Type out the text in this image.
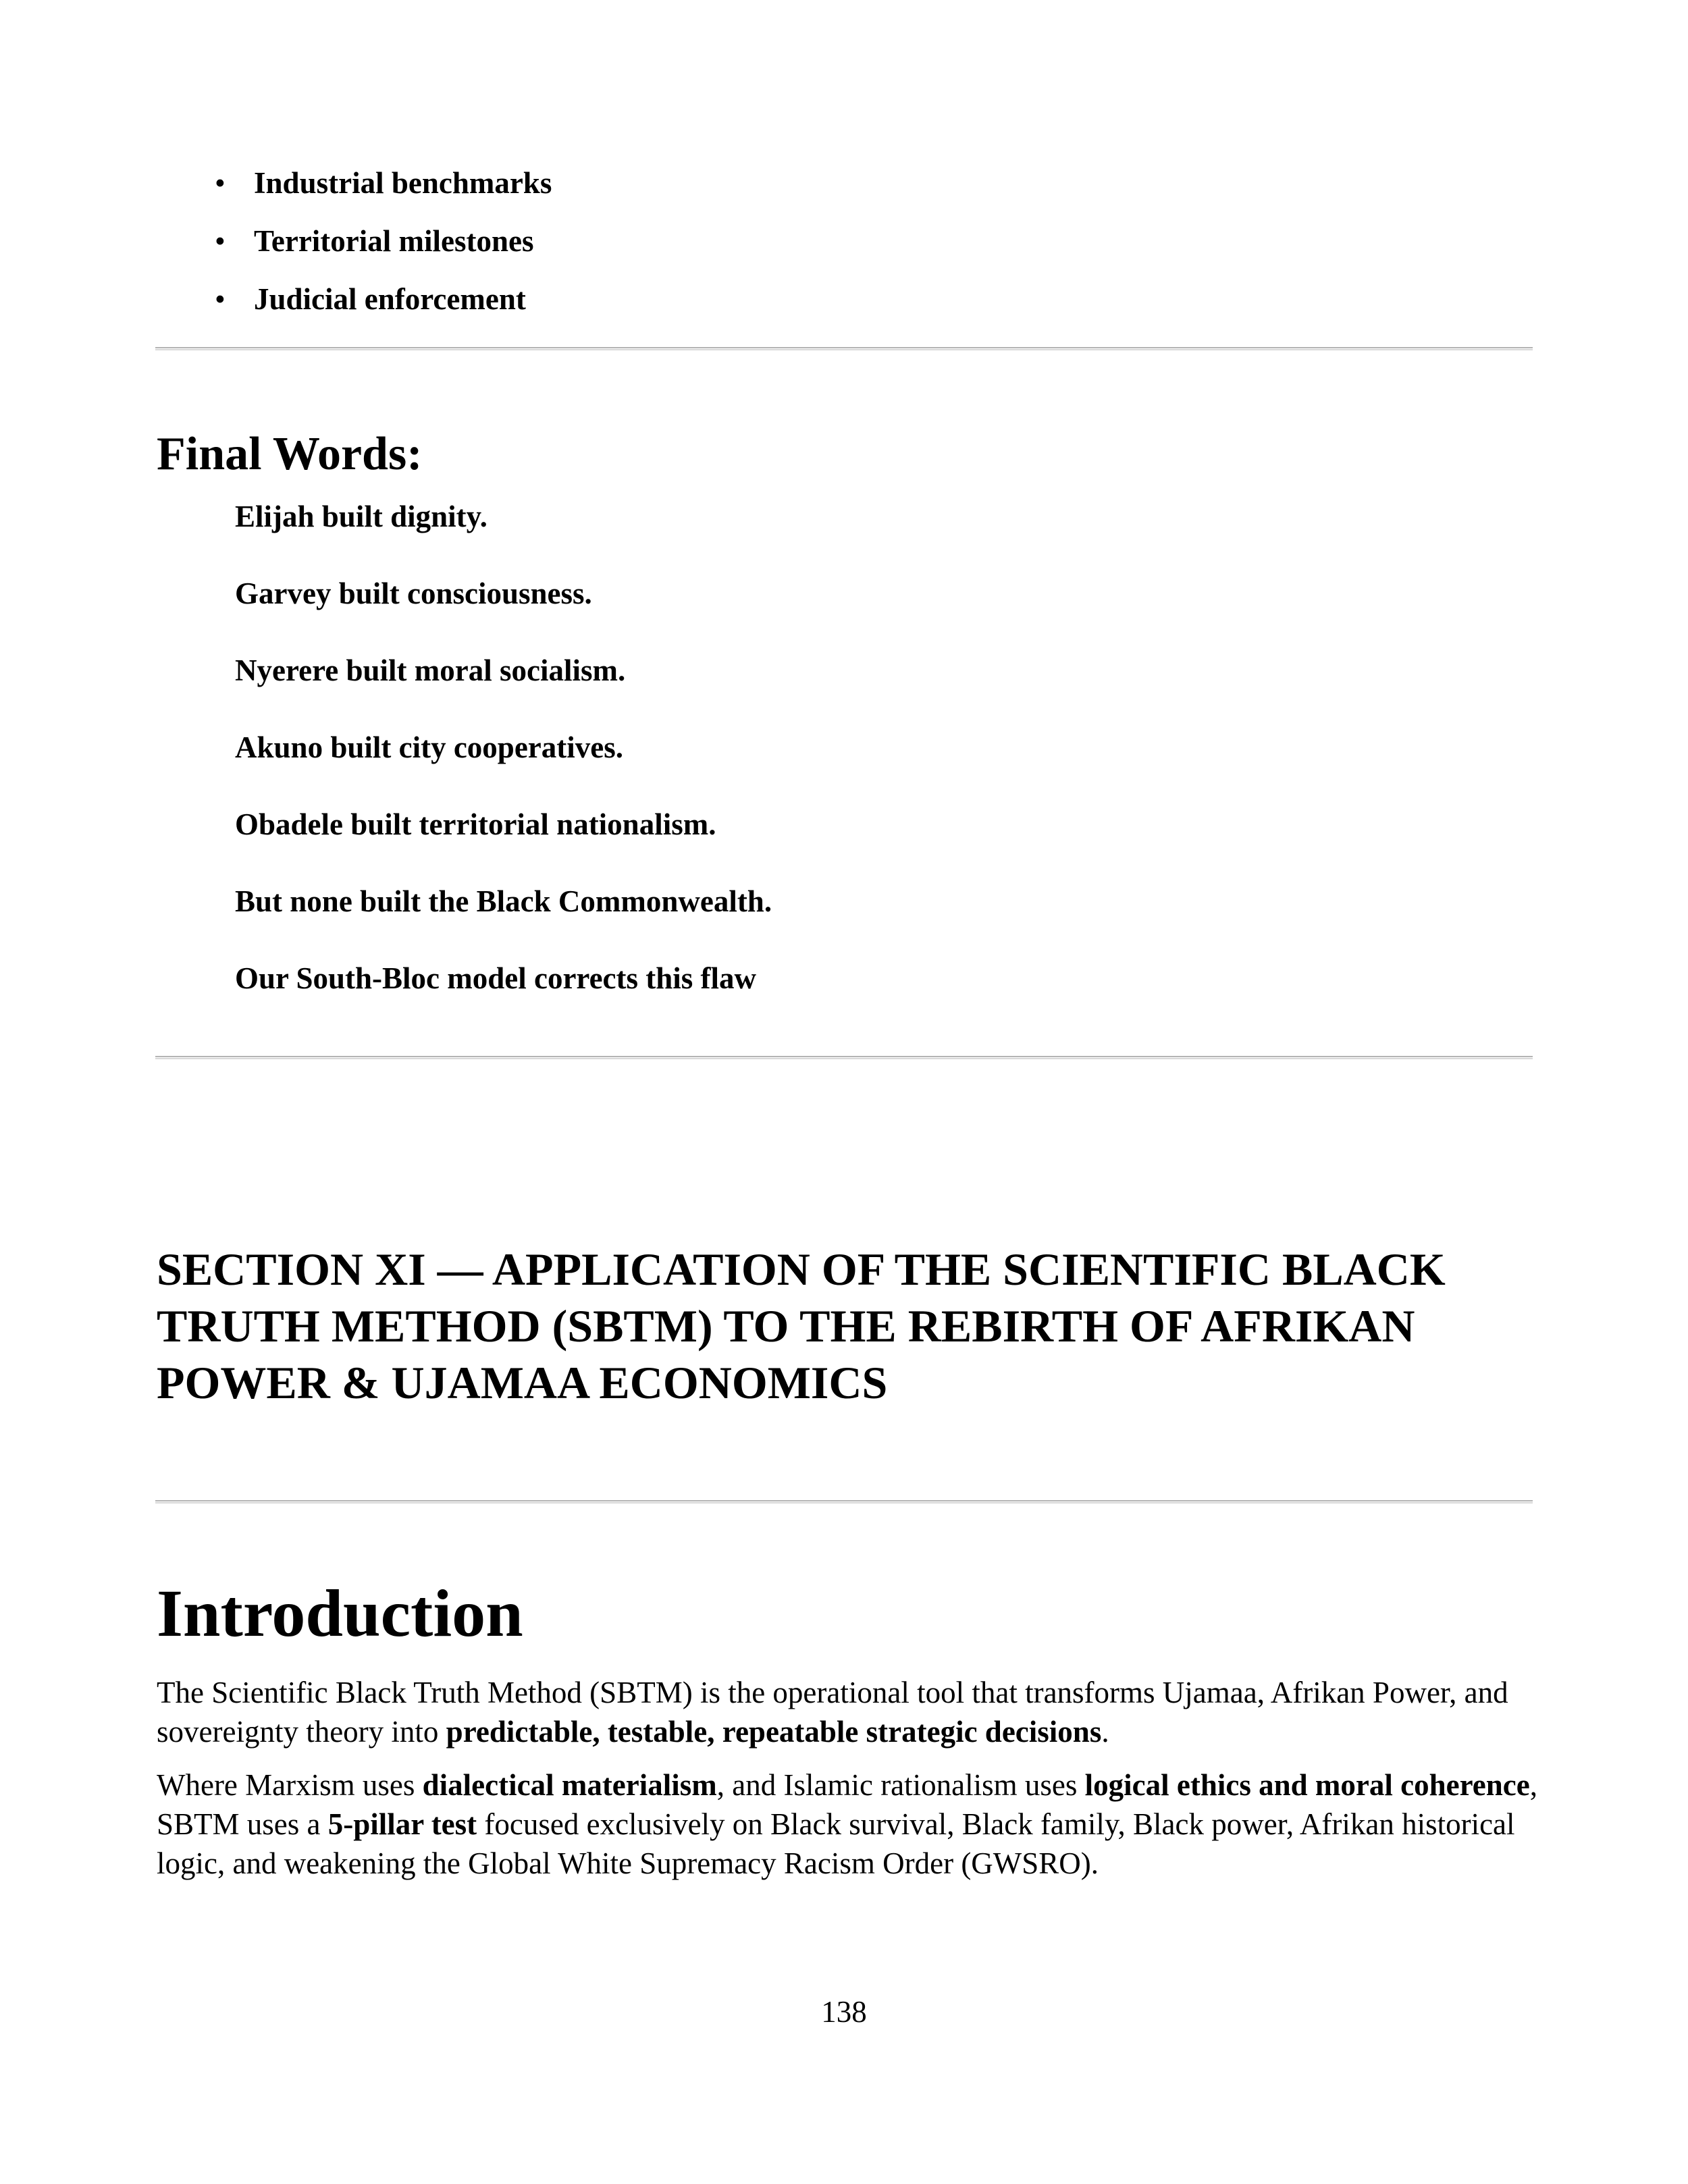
• Industrial benchmarks
• Territorial milestones
• Judicial enforcement
Final Words:
Elijah built dignity.
Garvey built consciousness.
Nyerere built moral socialism.
Akuno built city cooperatives.
Obadele built territorial nationalism.
But none built the Black Commonwealth.
Our South-Bloc model corrects this flaw
SECTION XI — APPLICATION OF THE SCIENTIFIC BLACK TRUTH METHOD (SBTM) TO THE REBIRTH OF AFRIKAN POWER & UJAMAA ECONOMICS
Introduction

The Scientific Black Truth Method (SBTM) is the operational tool that transforms Ujamaa, Afrikan Power, and sovereignty theory into predictable, testable, repeatable strategic decisions.

Where Marxism uses dialectical materialism, and Islamic rationalism uses logical ethics and moral coherence, SBTM uses a 5-pillar test focused exclusively on Black survival, Black family, Black power, Afrikan historical logic, and weakening the Global White Supremacy Racism Order (GWSRO).

138
